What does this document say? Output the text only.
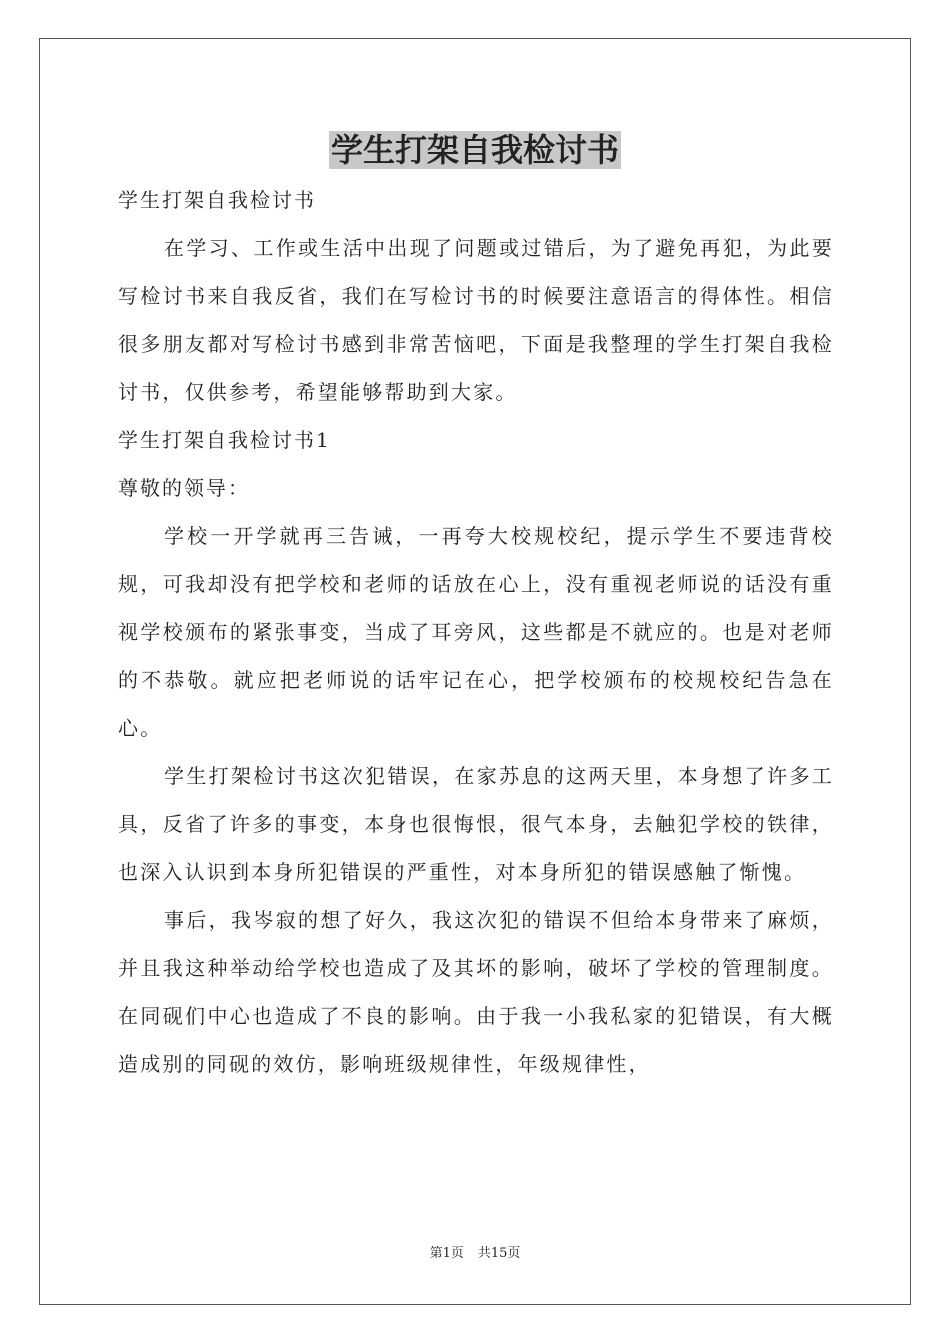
学生打架自我检讨书

学生打架自我检讨书

在学习、工作或生活中出现了问题或过错后，为了避免再犯，为此要写检讨书来自我反省，我们在写检讨书的时候要注意语言的得体性。相信很多朋友都对写检讨书感到非常苦恼吧，下面是我整理的学生打架自我检讨书，仅供参考，希望能够帮助到大家。

学生打架自我检讨书1

尊敬的领导：

学校一开学就再三告诫，一再夸大校规校纪，提示学生不要违背校规，可我却没有把学校和老师的话放在心上，没有重视老师说的话没有重视学校颁布的紧张事变，当成了耳旁风，这些都是不就应的。也是对老师的不恭敬。就应把老师说的话牢记在心，把学校颁布的校规校纪告急在心。

学生打架检讨书这次犯错误，在家苏息的这两天里，本身想了许多工具，反省了许多的事变，本身也很悔恨，很气本身，去触犯学校的铁律，也深入认识到本身所犯错误的严重性，对本身所犯的错误感触了惭愧。

事后，我岑寂的想了好久，我这次犯的错误不但给本身带来了麻烦，并且我这种举动给学校也造成了及其坏的影响，破坏了学校的管理制度。在同砚们中心也造成了不良的影响。由于我一小我私家的犯错误，有大概造成别的同砚的效仿，影响班级规律性，年级规律性，

第1页 共15页
